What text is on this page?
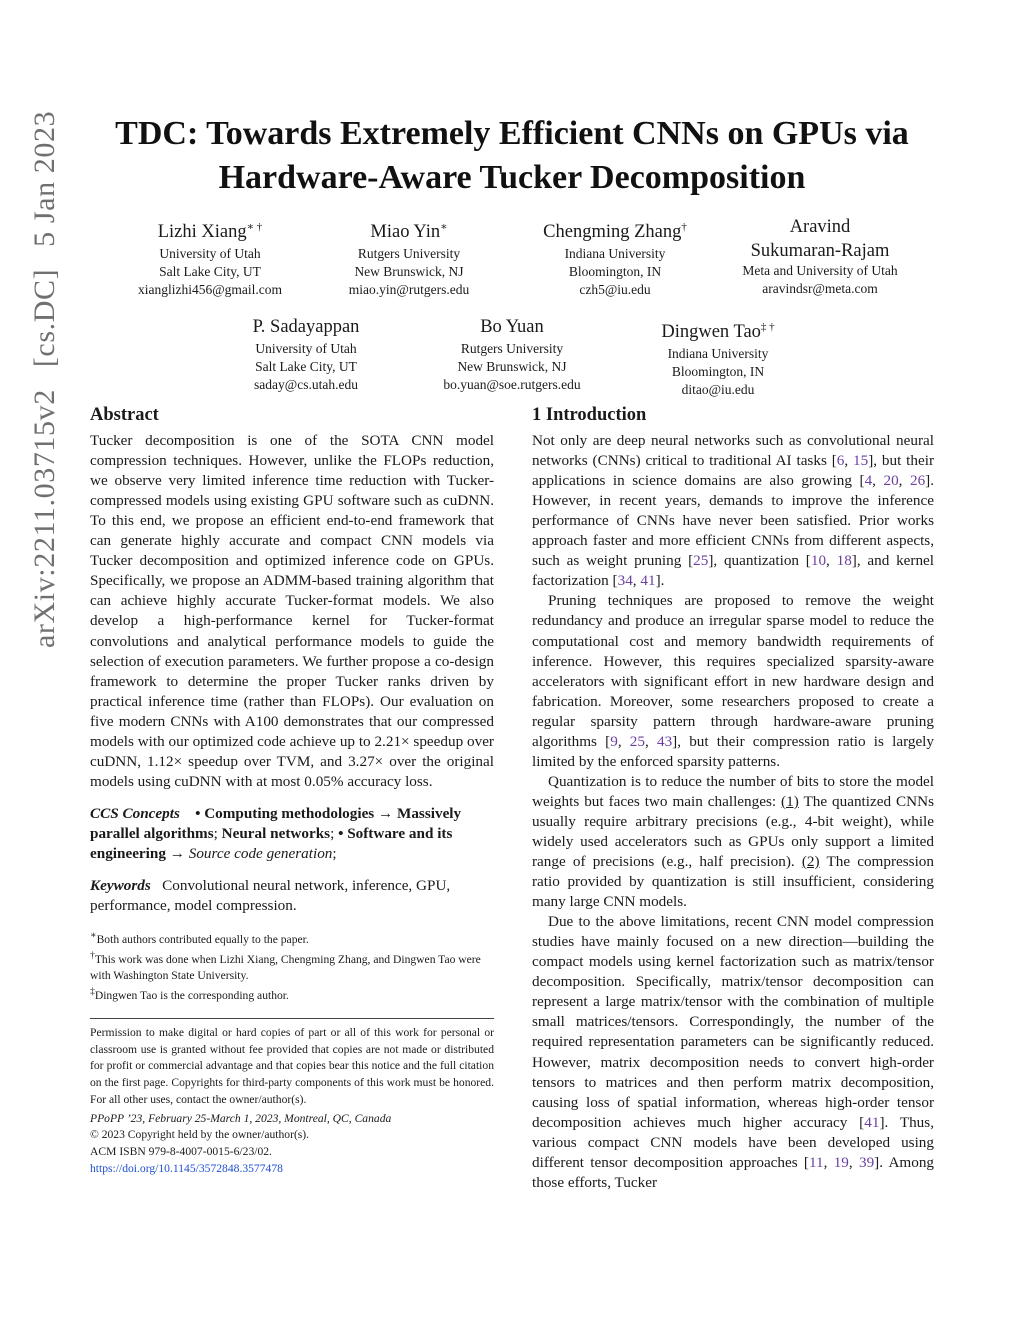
arXiv:2211.03715v2[cs.DC]5 Jan 2023	TDC: Towards Extremely Efficient CNNs on GPUs via
Hardware-Aware Tucker Decomposition
Lizhi Xiang∗ †
University of Utah
Salt Lake City, UT
xianglizhi456@gmail.com
Miao Yin∗
Rutgers University
New Brunswick, NJ
miao.yin@rutgers.edu
Chengming Zhang†
Indiana University
Bloomington, IN
czh5@iu.edu
Aravind
Sukumaran-Rajam
Meta and University of Utah
aravindsr@meta.com
P. Sadayappan
University of Utah
Salt Lake City, UT
saday@cs.utah.edu
Bo Yuan
Rutgers University
New Brunswick, NJ
bo.yuan@soe.rutgers.edu
Dingwen Tao‡ †
Indiana University
Bloomington, IN
ditao@iu.edu
Abstract

Tucker decomposition is one of the SOTA CNN model compression techniques. However, unlike the FLOPs reduction, we observe very limited inference time reduction with Tucker-compressed models using existing GPU software such as cuDNN. To this end, we propose an efficient end-to-end framework that can generate highly accurate and compact CNN models via Tucker decomposition and optimized inference code on GPUs. Specifically, we propose an ADMM-based training algorithm that can achieve highly accurate Tucker-format models. We also develop a high-performance kernel for Tucker-format convolutions and analytical performance models to guide the selection of execution parameters. We further propose a co-design framework to determine the proper Tucker ranks driven by practical inference time (rather than FLOPs). Our evaluation on five modern CNNs with A100 demonstrates that our compressed models with our optimized code achieve up to 2.21× speedup over cuDNN, 1.12× speedup over TVM, and 3.27× over the original models using cuDNN with at most 0.05% accuracy loss.

CCS Concepts • Computing methodologies → Massively parallel algorithms; Neural networks; • Software and its engineering → Source code generation;

Keywords Convolutional neural network, inference, GPU, performance, model compression.

∗Both authors contributed equally to the paper.
†This work was done when Lizhi Xiang, Chengming Zhang, and Dingwen Tao were with Washington State University.
‡Dingwen Tao is the corresponding author.
Permission to make digital or hard copies of part or all of this work for personal or classroom use is granted without fee provided that copies are not made or distributed for profit or commercial advantage and that copies bear this notice and the full citation on the first page. Copyrights for third-party components of this work must be honored. For all other uses, contact the owner/author(s).
PPoPP ’23, February 25-March 1, 2023, Montreal, QC, Canada
© 2023 Copyright held by the owner/author(s).
ACM ISBN 979-8-4007-0015-6/23/02.
https://doi.org/10.1145/3572848.3577478
1 Introduction

Not only are deep neural networks such as convolutional neural networks (CNNs) critical to traditional AI tasks [6, 15], but their applications in science domains are also growing [4, 20, 26]. However, in recent years, demands to improve the inference performance of CNNs have never been satisfied. Prior works approach faster and more efficient CNNs from different aspects, such as weight pruning [25], quantization [10, 18], and kernel factorization [34, 41].

Pruning techniques are proposed to remove the weight redundancy and produce an irregular sparse model to reduce the computational cost and memory bandwidth requirements of inference. However, this requires specialized sparsity-aware accelerators with significant effort in new hardware design and fabrication. Moreover, some researchers proposed to create a regular sparsity pattern through hardware-aware pruning algorithms [9, 25, 43], but their compression ratio is largely limited by the enforced sparsity patterns.

Quantization is to reduce the number of bits to store the model weights but faces two main challenges: (1) The quantized CNNs usually require arbitrary precisions (e.g., 4-bit weight), while widely used accelerators such as GPUs only support a limited range of precisions (e.g., half precision). (2) The compression ratio provided by quantization is still insufficient, considering many large CNN models.

Due to the above limitations, recent CNN model compression studies have mainly focused on a new direction—building the compact models using kernel factorization such as matrix/tensor decomposition. Specifically, matrix/tensor decomposition can represent a large matrix/tensor with the combination of multiple small matrices/tensors. Correspondingly, the number of the required representation parameters can be significantly reduced. However, matrix decomposition needs to convert high-order tensors to matrices and then perform matrix decomposition, causing loss of spatial information, whereas high-order tensor decomposition achieves much higher accuracy [41]. Thus, various compact CNN models have been developed using different tensor decomposition approaches [11, 19, 39]. Among those efforts, Tucker
